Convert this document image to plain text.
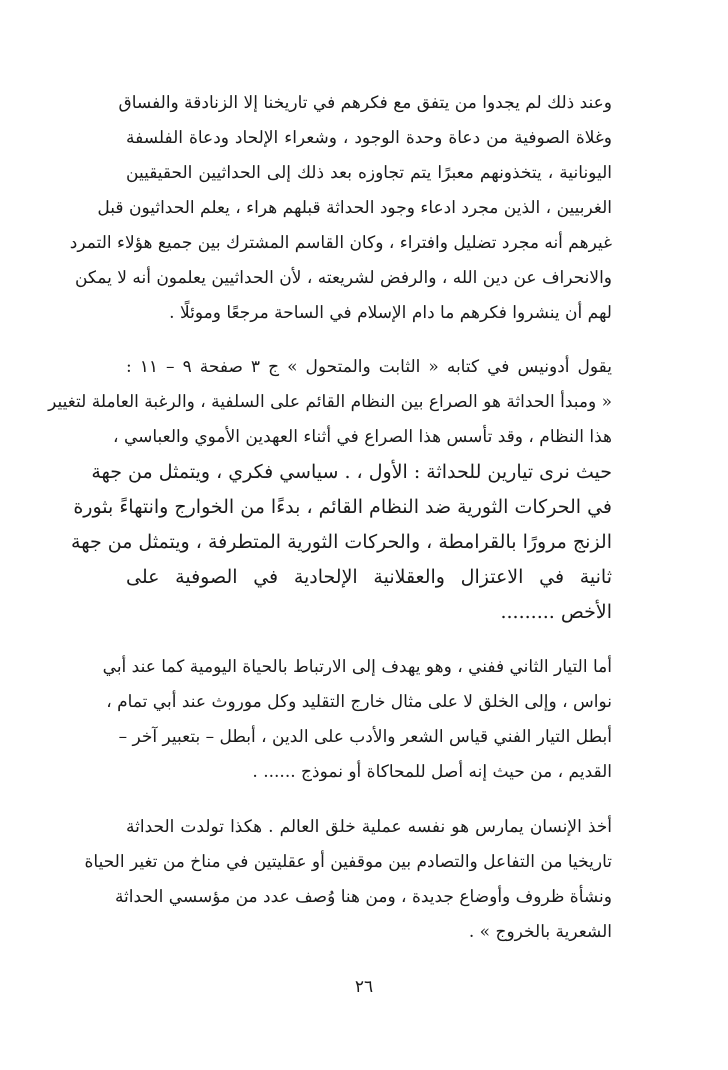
وعند ذلك لم يجدوا من يتفق مع فكرهم في تاريخنا إلا الزنادقة والفساق
وغلاة الصوفية من دعاة وحدة الوجود ، وشعراء الإلحاد ودعاة الفلسفة
اليونانية ، يتخذونهم معبرًا يتم تجاوزه بعد ذلك إلى الحداثيين الحقيقيين
الغربيين ، الذين مجرد ادعاء وجود الحداثة قبلهم هراء ، يعلم الحداثيون قبل
غيرهم أنه مجرد تضليل وافتراء ، وكان القاسم المشترك بين جميع هؤلاء التمرد
والانحراف عن دين الله ، والرفض لشريعته ، لأن الحداثيين يعلمون أنه لا يمكن
لهم أن ينشروا فكرهم ما دام الإسلام في الساحة مرجعًا وموئلًا .
يقول أدونيس في كتابه « الثابت والمتحول » ج ٣ صفحة ٩ – ١١ :
« ومبدأ الحداثة هو الصراع بين النظام القائم على السلفية ، والرغبة العاملة لتغيير
هذا النظام ، وقد تأسس هذا الصراع في أثناء العهدين الأموي والعباسي ،
حيث نرى تيارين للحداثة : الأول ، . سياسي فكري ، ويتمثل من جهة
في الحركات الثورية ضد النظام القائم ، بدءًا من الخوارج وانتهاءً بثورة
الزنج مرورًا بالقرامطة ، والحركات الثورية المتطرفة ، ويتمثل من جهة
ثانية في الاعتزال والعقلانية الإلحادية في الصوفية على
الأخص .........
أما التيار الثاني ففني ، وهو يهدف إلى الارتباط بالحياة اليومية كما عند أبي
نواس ، وإلى الخلق لا على مثال خارج التقليد وكل موروث عند أبي تمام ،
أبطل التيار الفني قياس الشعر والأدب على الدين ، أبطل – بتعبير آخر –
القديم ، من حيث إنه أصل للمحاكاة أو نموذج ...... .
أخذ الإنسان يمارس هو نفسه عملية خلق العالم . هكذا تولدت الحداثة
تاريخيا من التفاعل والتصادم بين موقفين أو عقليتين في مناخ من تغير الحياة
ونشأة ظروف وأوضاع جديدة ، ومن هنا وُصف عدد من مؤسسي الحداثة
الشعرية بالخروج » .
٢٦
